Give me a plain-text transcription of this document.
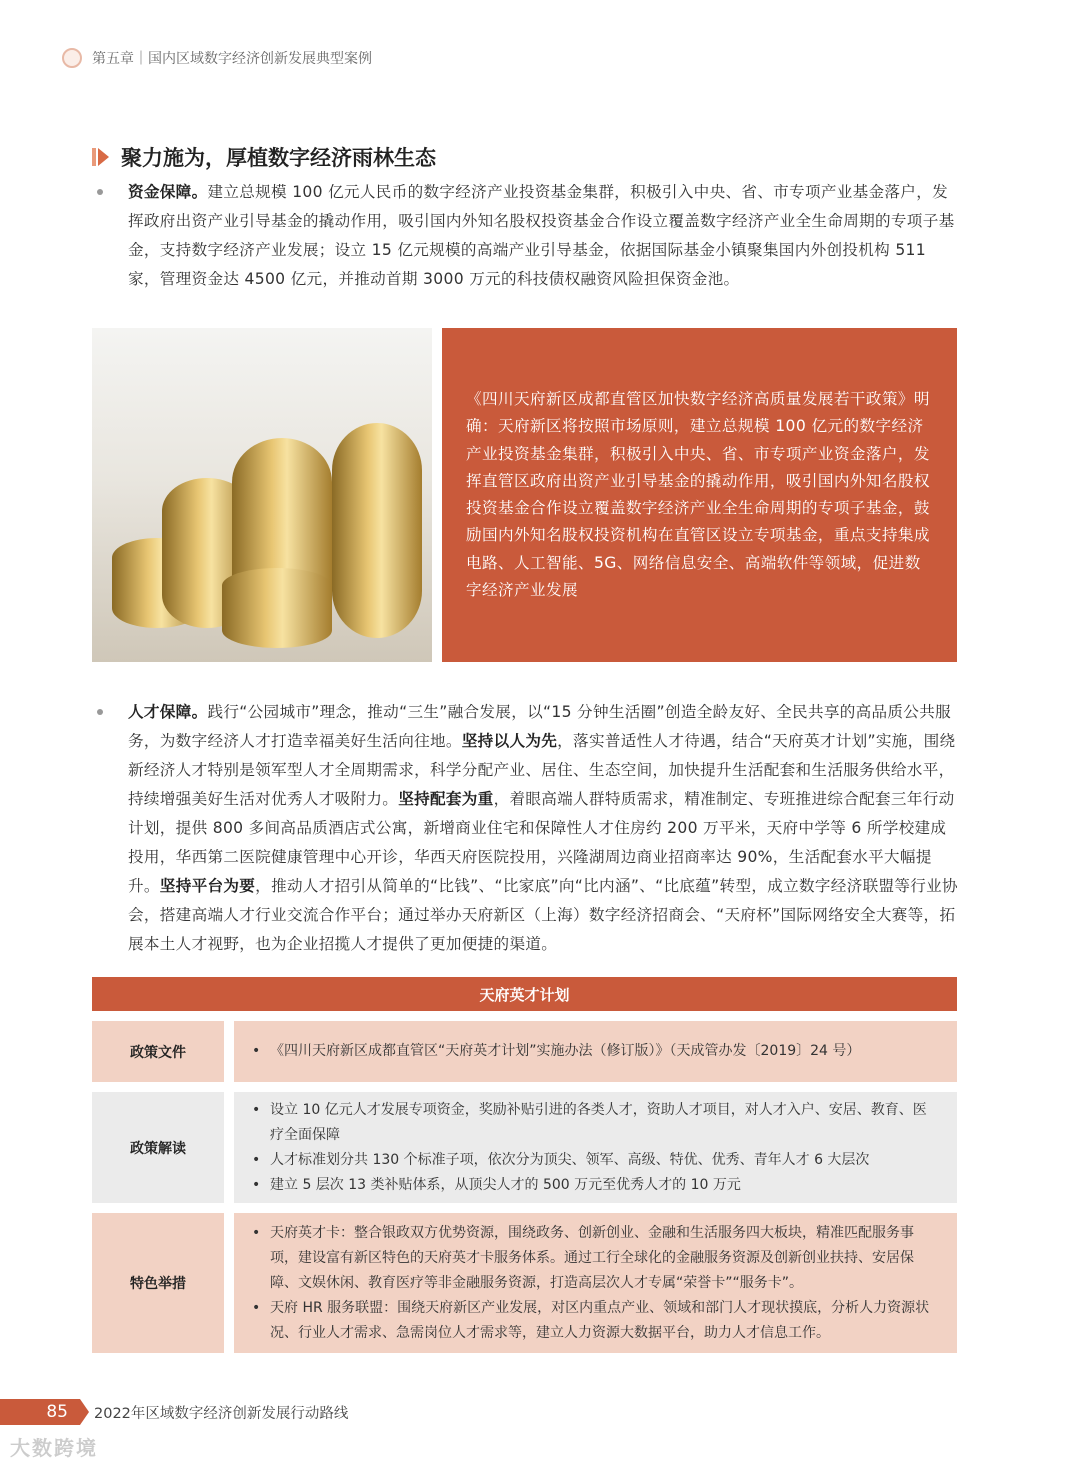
第五章｜国内区域数字经济创新发展典型案例
聚力施为，厚植数字经济雨林生态

资金保障。建立总规模 100 亿元人民币的数字经济产业投资基金集群，积极引入中央、省、市专项产业基金落户，发挥政府出资产业引导基金的撬动作用，吸引国内外知名股权投资基金合作设立覆盖数字经济产业全生命周期的专项子基金，支持数字经济产业发展；设立 15 亿元规模的高端产业引导基金，依据国际基金小镇聚集国内外创投机构 511 家，管理资金达 4500 亿元，并推动首期 3000 万元的科技债权融资风险担保资金池。

《四川天府新区成都直管区加快数字经济高质量发展若干政策》明确：天府新区将按照市场原则，建立总规模 100 亿元的数字经济产业投资基金集群，积极引入中央、省、市专项产业资金落户，发挥直管区政府出资产业引导基金的撬动作用，吸引国内外知名股权投资基金合作设立覆盖数字经济产业全生命周期的专项子基金，鼓励国内外知名股权投资机构在直管区设立专项基金，重点支持集成电路、人工智能、5G、网络信息安全、高端软件等领域，促进数字经济产业发展

人才保障。践行“公园城市”理念，推动“三生”融合发展，以“15 分钟生活圈”创造全龄友好、全民共享的高品质公共服务，为数字经济人才打造幸福美好生活向往地。坚持以人为先，落实普适性人才待遇，结合“天府英才计划”实施，围绕新经济人才特别是领军型人才全周期需求，科学分配产业、居住、生态空间，加快提升生活配套和生活服务供给水平，持续增强美好生活对优秀人才吸附力。坚持配套为重，着眼高端人群特质需求，精准制定、专班推进综合配套三年行动计划，提供 800 多间高品质酒店式公寓，新增商业住宅和保障性人才住房约 200 万平米，天府中学等 6 所学校建成投用，华西第二医院健康管理中心开诊，华西天府医院投用，兴隆湖周边商业招商率达 90%，生活配套水平大幅提升。坚持平台为要，推动人才招引从简单的“比钱”、“比家底”向“比内涵”、“比底蕴”转型，成立数字经济联盟等行业协会，搭建高端人才行业交流合作平台；通过举办天府新区（上海）数字经济招商会、“天府杯”国际网络安全大赛等，拓展本土人才视野，也为企业招揽人才提供了更加便捷的渠道。

天府英才计划
政策文件	• 《四川天府新区成都直管区“天府英才计划”实施办法（修订版）》（天成管办发〔2019〕24 号）
政策解读
• 设立 10 亿元人才发展专项资金，奖励补贴引进的各类人才，资助人才项目，对人才入户、安居、教育、医疗全面保障
• 人才标准划分共 130 个标准子项，依次分为顶尖、领军、高级、特优、优秀、青年人才 6 大层次
• 建立 5 层次 13 类补贴体系，从顶尖人才的 500 万元至优秀人才的 10 万元
特色举措
• 天府英才卡：整合银政双方优势资源，围绕政务、创新创业、金融和生活服务四大板块，精准匹配服务事项，建设富有新区特色的天府英才卡服务体系。通过工行全球化的金融服务资源及创新创业扶持、安居保障、文娱休闲、教育医疗等非金融服务资源，打造高层次人才专属“荣誉卡”“服务卡”。
• 天府 HR 服务联盟：围绕天府新区产业发展，对区内重点产业、领域和部门人才现状摸底，分析人力资源状况、行业人才需求、急需岗位人才需求等，建立人力资源大数据平台，助力人才信息工作。
85	2022年区域数字经济创新发展行动路线
大数跨境
